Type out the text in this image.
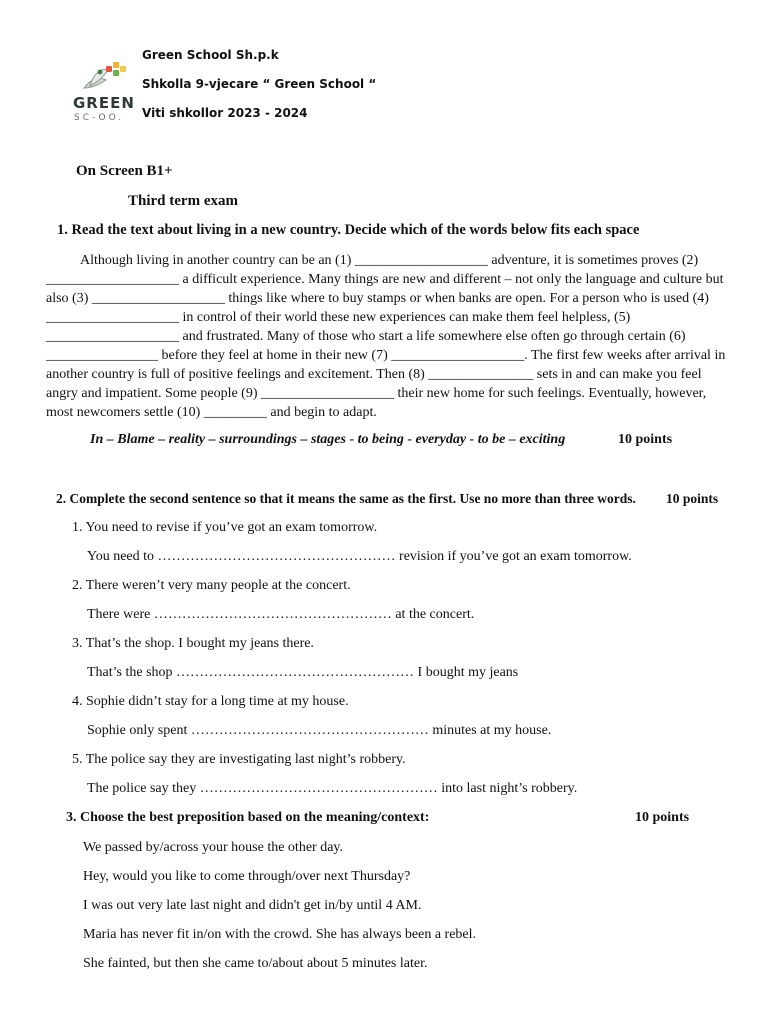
GREEN
SC-OO.
Green School Sh.p.k
Shkolla 9-vjecare “ Green School “
Viti shkollor 2023 - 2024
On Screen B1+
Third term exam
1. Read the text about living in a new country. Decide which of the words below fits each space
Although living in another country can be an (1) ___________________ adventure, it is sometimes proves (2)
___________________ a difficult experience. Many things are new and different – not only the language and culture but
also (3) ___________________ things like where to buy stamps or when banks are open. For a person who is used (4)
___________________ in control of their world these new experiences can make them feel helpless, (5)
___________________ and frustrated. Many of those who start a life somewhere else often go through certain (6)
________________ before they feel at home in their new (7) ___________________. The first few weeks after arrival in
another country is full of positive feelings and excitement. Then (8) _______________ sets in and can make you feel
angry and impatient. Some people (9) ___________________ their new home for such feelings. Eventually, however,
most newcomers settle (10) _________ and begin to adapt.
In – Blame – reality – surroundings – stages - to being - everyday - to be – exciting	10 points
2. Complete the second sentence so that it means the same as the first. Use no more than three words. 10 points
1. You need to revise if you’ve got an exam tomorrow.
You need to …………………………………………… revision if you’ve got an exam tomorrow.
2. There weren’t very many people at the concert.
There were …………………………………………… at the concert.
3. That’s the shop. I bought my jeans there.
That’s the shop …………………………………………… I bought my jeans
4. Sophie didn’t stay for a long time at my house.
Sophie only spent …………………………………………… minutes at my house.
5. The police say they are investigating last night’s robbery.
The police say they …………………………………………… into last night’s robbery.
3. Choose the best preposition based on the meaning/context:	10 points
We passed by/across your house the other day.
Hey, would you like to come through/over next Thursday?
I was out very late last night and didn't get in/by until 4 AM.
Maria has never fit in/on with the crowd. She has always been a rebel.
She fainted, but then she came to/about about 5 minutes later.
